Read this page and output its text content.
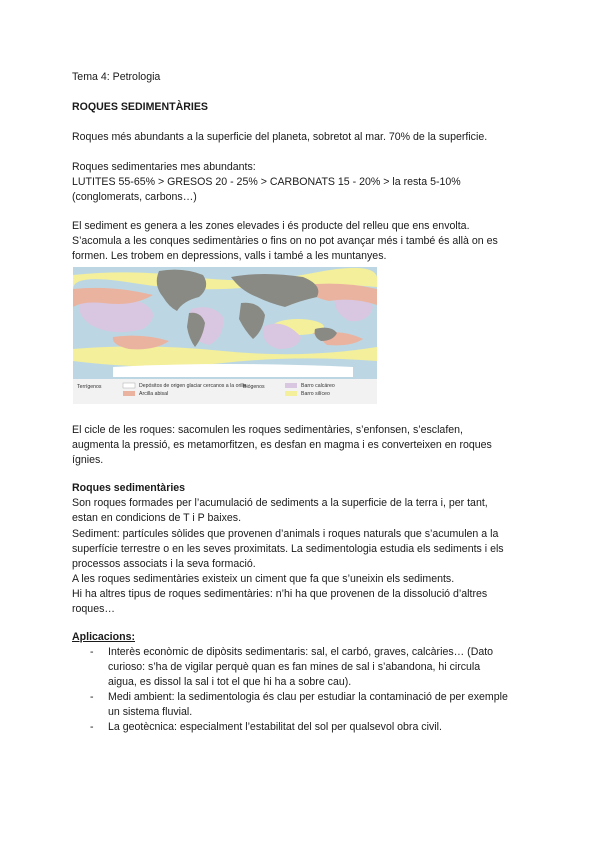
Tema 4: Petrologia
ROQUES SEDIMENTÀRIES
Roques més abundants a la superficie del planeta, sobretot al mar. 70% de la superficie.
Roques sedimentaries mes abundants:
LUTITES 55-65% > GRESOS 20 - 25% > CARBONATS 15 - 20% > la resta 5-10%
(conglomerats, carbons…)
El sediment es genera a les zones elevades i és producte del relleu que ens envolta.
S’acomula a les conques sedimentàries o fins on no pot avançar més i també és allà on es
formen. Les trobem en depressions, valls i també a les muntanyes.
Terrígenos	Depósitos de origen glaciar cercanos a la orilla
Arcilla abisal
Biógenos	Barro calcáreo
Barro silíceo
El cicle de les roques: sacomulen les roques sedimentàries, s’enfonsen, s’esclafen,
augmenta la pressió, es metamorfitzen, es desfan en magma i es converteixen en roques
ígnies.
Roques sedimentàries
Son roques formades per l’acumulació de sediments a la superficie de la terra i, per tant,
estan en condicions de T i P baixes.
Sediment: partícules sòlides que provenen d’animals i roques naturals que s’acumulen a la
superfície terrestre o en les seves proximitats. La sedimentologia estudia els sediments i els
processos associats i la seva formació.
A les roques sedimentàries existeix un ciment que fa que s’uneixin els sediments.
Hi ha altres tipus de roques sedimentàries: n’hi ha que provenen de la dissolució d’altres
roques…
Aplicacions:
- Interès econòmic de dipòsits sedimentaris: sal, el carbó, graves, calcàries… (Dato
curioso: s’ha de vigilar perquè quan es fan mines de sal i s’abandona, hi circula
aigua, es dissol la sal i tot el que hi ha a sobre cau).
- Medi ambient: la sedimentologia és clau per estudiar la contaminació de per exemple
un sistema fluvial.
- La geotècnica: especialment l’estabilitat del sol per qualsevol obra civil.
